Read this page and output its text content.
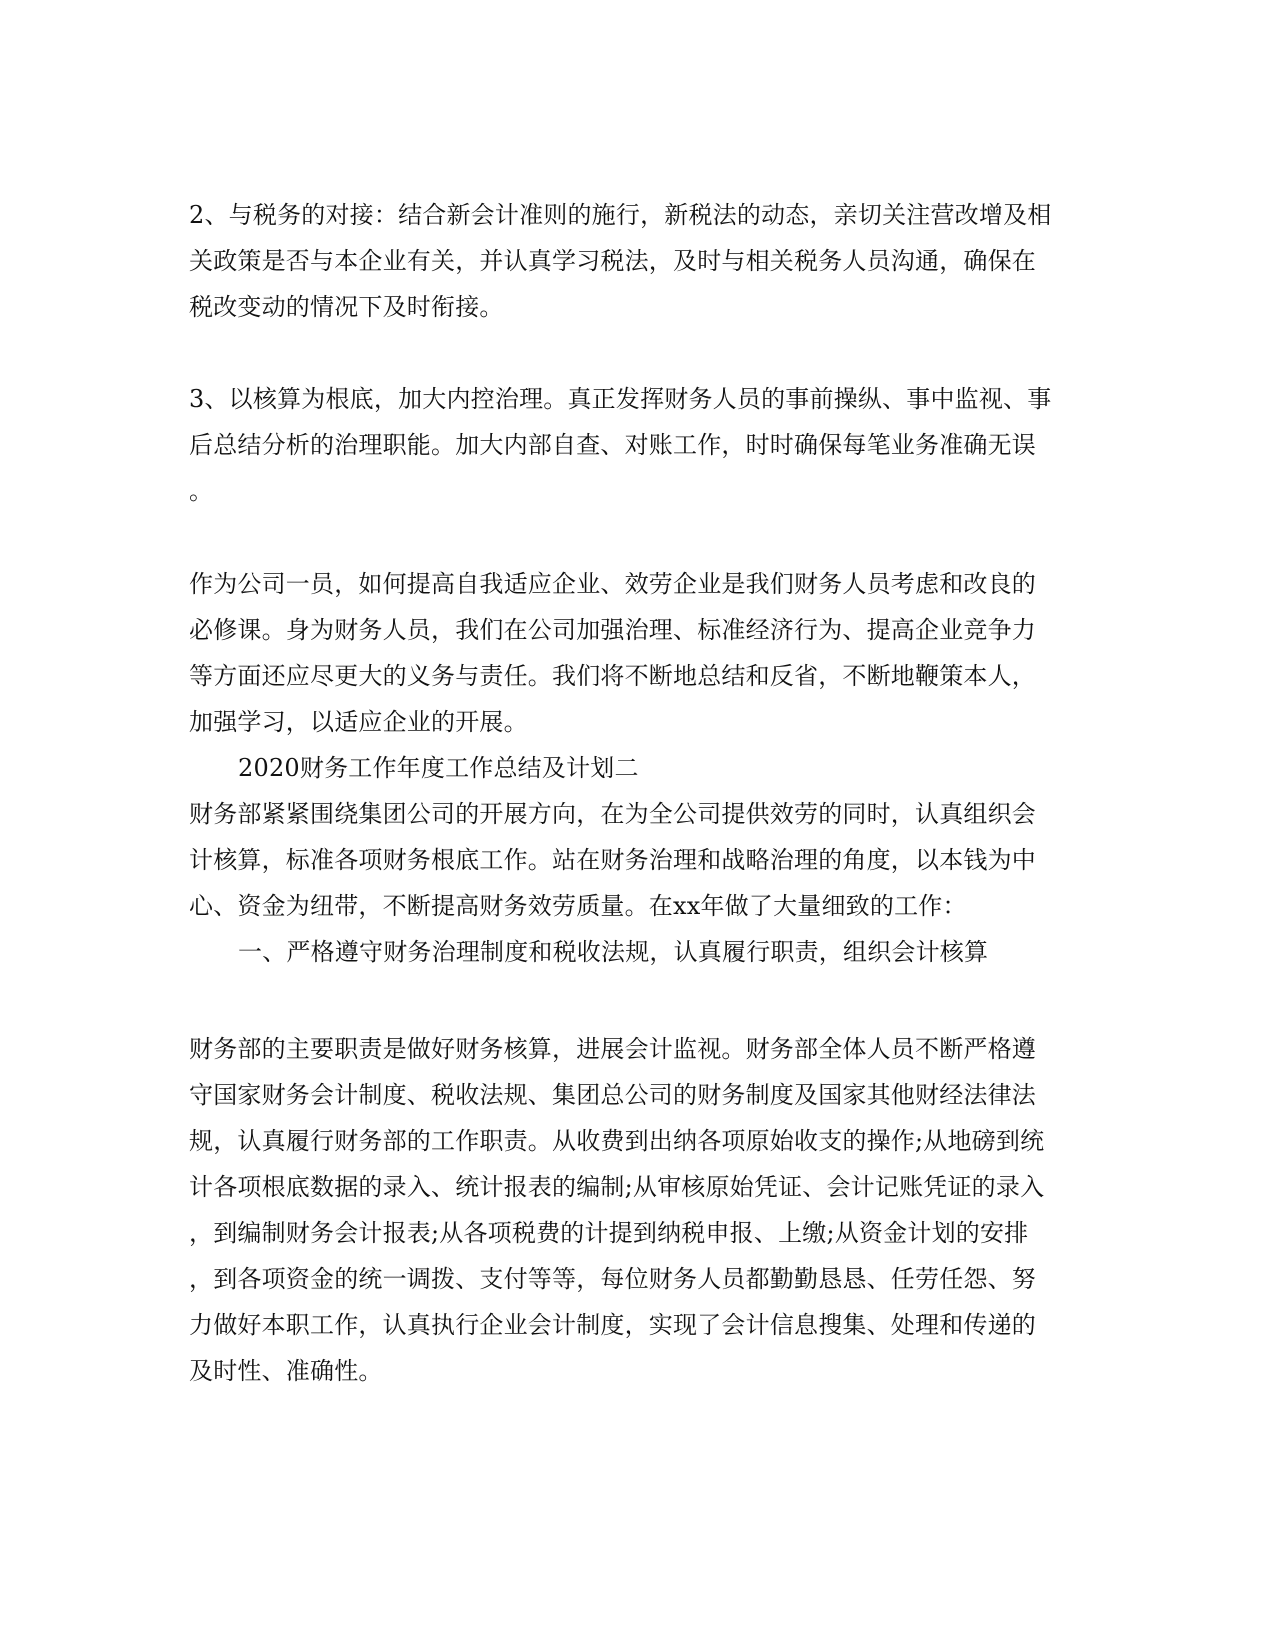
2、与税务的对接：结合新会计准则的施行，新税法的动态，亲切关注营改增及相
关政策是否与本企业有关，并认真学习税法，及时与相关税务人员沟通，确保在
税改变动的情况下及时衔接。
3、以核算为根底，加大内控治理。真正发挥财务人员的事前操纵、事中监视、事
后总结分析的治理职能。加大内部自查、对账工作，时时确保每笔业务准确无误
。
作为公司一员，如何提高自我适应企业、效劳企业是我们财务人员考虑和改良的
必修课。身为财务人员，我们在公司加强治理、标准经济行为、提高企业竞争力
等方面还应尽更大的义务与责任。我们将不断地总结和反省，不断地鞭策本人，
加强学习，以适应企业的开展。
2020财务工作年度工作总结及计划二
财务部紧紧围绕集团公司的开展方向，在为全公司提供效劳的同时，认真组织会
计核算，标准各项财务根底工作。站在财务治理和战略治理的角度，以本钱为中
心、资金为纽带，不断提高财务效劳质量。在xx年做了大量细致的工作：
一、严格遵守财务治理制度和税收法规，认真履行职责，组织会计核算
财务部的主要职责是做好财务核算，进展会计监视。财务部全体人员不断严格遵
守国家财务会计制度、税收法规、集团总公司的财务制度及国家其他财经法律法
规，认真履行财务部的工作职责。从收费到出纳各项原始收支的操作;从地磅到统
计各项根底数据的录入、统计报表的编制;从审核原始凭证、会计记账凭证的录入
，到编制财务会计报表;从各项税费的计提到纳税申报、上缴;从资金计划的安排
，到各项资金的统一调拨、支付等等，每位财务人员都勤勤恳恳、任劳任怨、努
力做好本职工作，认真执行企业会计制度，实现了会计信息搜集、处理和传递的
及时性、准确性。
